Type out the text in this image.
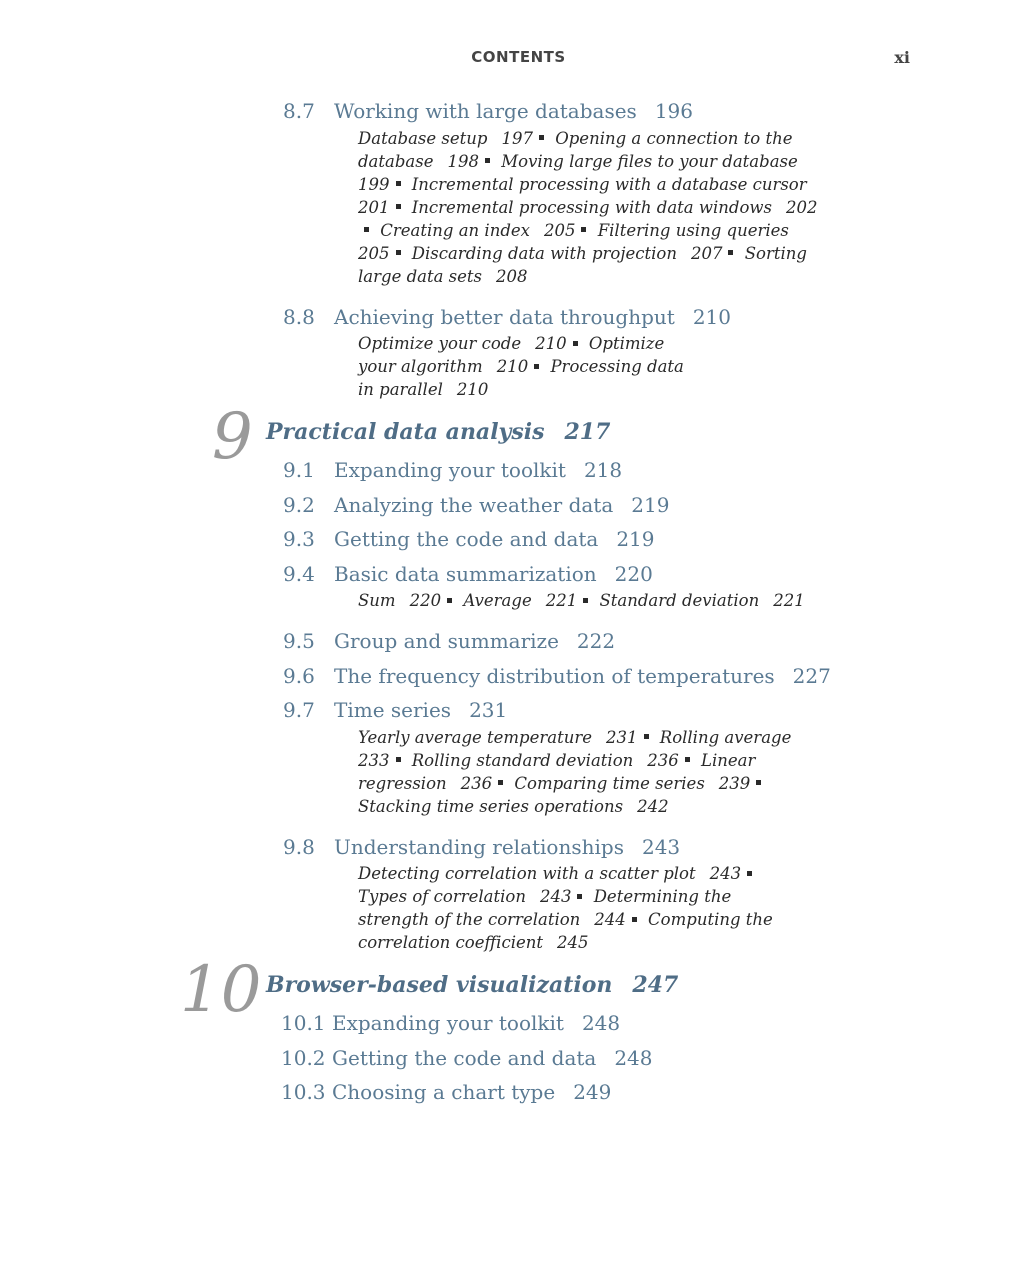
CONTENTS	xi
8.7 Working with large databases 196
Database setup 197 Opening a connection to the database 198 Moving large files to your database199 Incremental processing with a database cursor201 Incremental processing with data windows 202 Creating an index 205 Filtering using queries205 Discarding data with projection 207 Sorting large data sets 208
8.8 Achieving better data throughput 210
Optimize your code 210 Optimize your algorithm 210 Processing data in parallel 210
9 Practical data analysis 217
9.1 Expanding your toolkit 218
9.2 Analyzing the weather data 219
9.3 Getting the code and data 219
9.4 Basic data summarization 220
Sum 220 Average 221 Standard deviation 221
9.5 Group and summarize 222
9.6 The frequency distribution of temperatures 227
9.7 Time series 231
Yearly average temperature 231 Rolling average233 Rolling standard deviation 236 Linear regression 236 Comparing time series 239 Stacking time series operations 242
9.8 Understanding relationships 243
Detecting correlation with a scatter plot 243 Types of correlation 243 Determining the strength of the correlation 244 Computing the correlation coefficient 245
10 Browser-based visualization 247
10.1 Expanding your toolkit 248
10.2 Getting the code and data 248
10.3 Choosing a chart type 249
